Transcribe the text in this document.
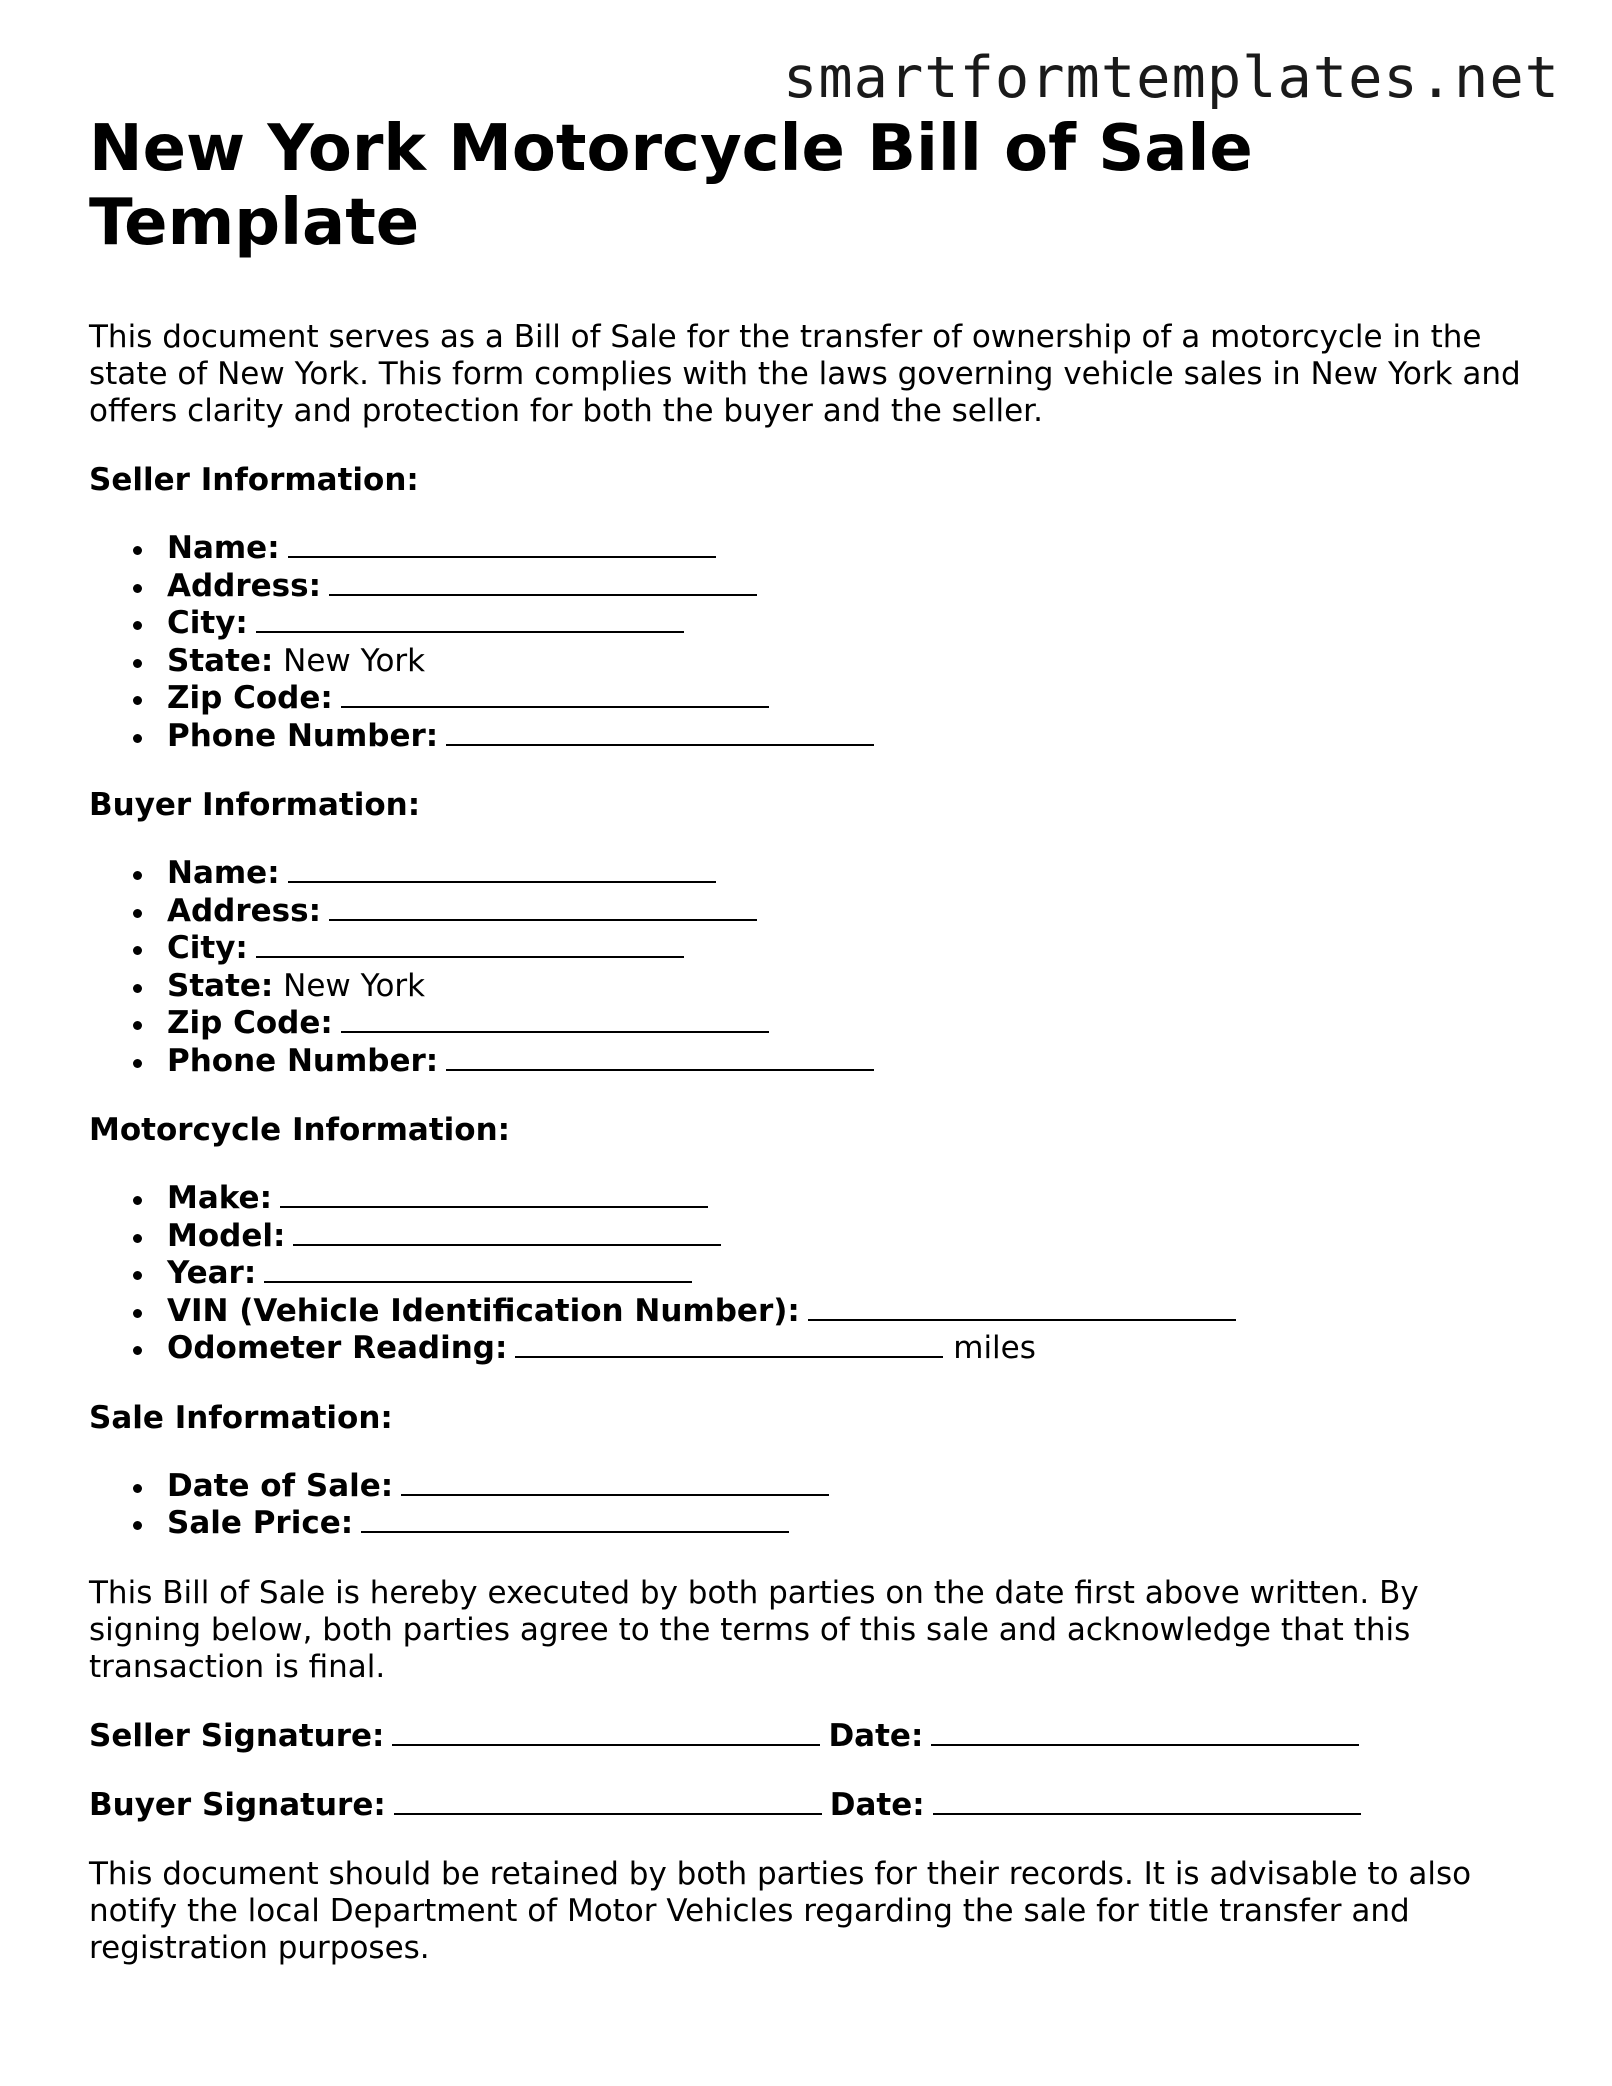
smartformtemplates.net
New York Motorcycle Bill of Sale Template

This document serves as a Bill of Sale for the transfer of ownership of a motorcycle in the state of New York. This form complies with the laws governing vehicle sales in New York and offers clarity and protection for both the buyer and the seller.

Seller Information:
Name:
Address:
City:
State: New York
Zip Code:
Phone Number:
Buyer Information:
Name:
Address:
City:
State: New York
Zip Code:
Phone Number:
Motorcycle Information:
Make:
Model:
Year:
VIN (Vehicle Identification Number):
Odometer Reading:	miles
Sale Information:
Date of Sale:
Sale Price:

This Bill of Sale is hereby executed by both parties on the date first above written. By signing below, both parties agree to the terms of this sale and acknowledge that this transaction is final.

Seller Signature:	Date:
Buyer Signature:	Date:

This document should be retained by both parties for their records. It is advisable to also notify the local Department of Motor Vehicles regarding the sale for title transfer and registration purposes.
